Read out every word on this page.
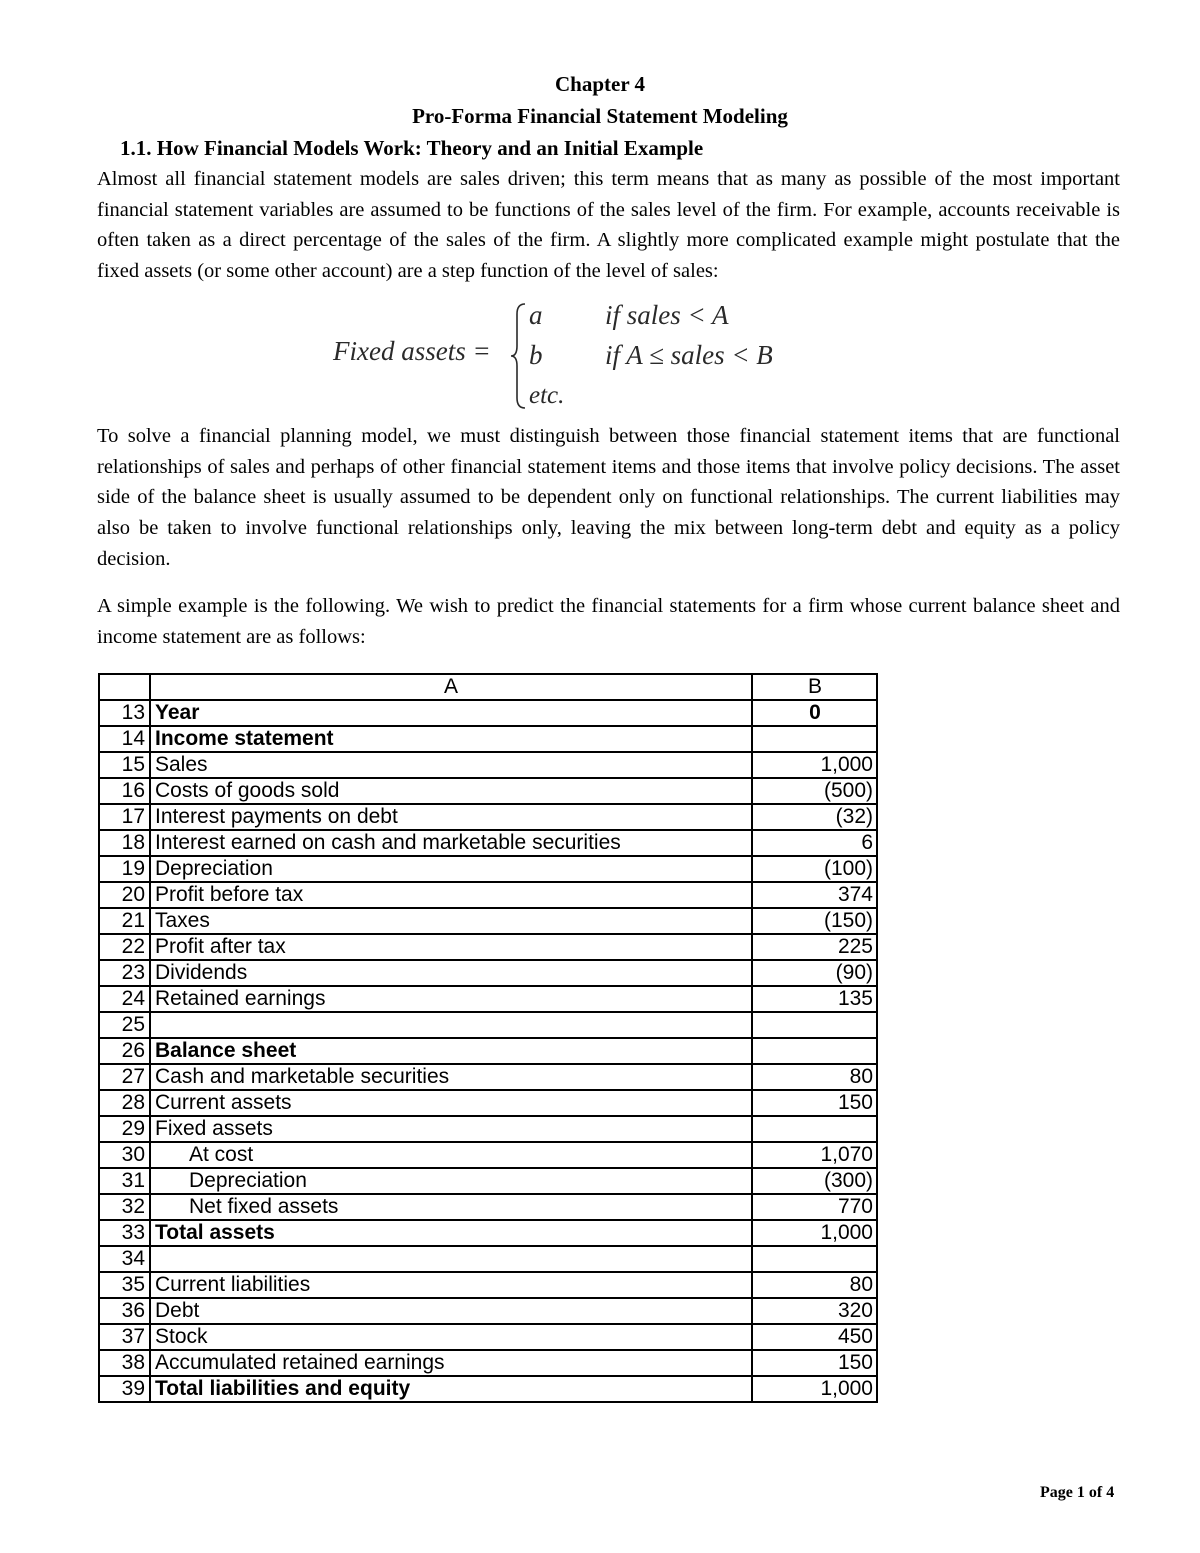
Chapter 4
Pro-Forma Financial Statement Modeling
1.1. How Financial Models Work: Theory and an Initial Example
Almost all financial statement models are sales driven; this term means that as many as possible of the most important financial statement variables are assumed to be functions of the sales level of the firm. For example, accounts receivable is often taken as a direct percentage of the sales of the firm. A slightly more complicated example might postulate that the fixed assets (or some other account) are a step function of the level of sales:
Fixed assets =
a if sales < A
b if A ≤ sales < B
etc.
To solve a financial planning model, we must distinguish between those financial statement items that are functional relationships of sales and perhaps of other financial statement items and those items that involve policy decisions. The asset side of the balance sheet is usually assumed to be dependent only on functional relationships. The current liabilities may also be taken to involve functional relationships only, leaving the mix between long-term debt and equity as a policy decision.
A simple example is the following. We wish to predict the financial statements for a firm whose current balance sheet and income statement are as follows:
	A	B
13	Year	0
14	Income statement	
15	Sales	1,000
16	Costs of goods sold	(500)
17	Interest payments on debt	(32)
18	Interest earned on cash and marketable securities	6
19	Depreciation	(100)
20	Profit before tax	374
21	Taxes	(150)
22	Profit after tax	225
23	Dividends	(90)
24	Retained earnings	135
25		
26	Balance sheet	
27	Cash and marketable securities	80
28	Current assets	150
29	Fixed assets	
30	At cost	1,070
31	Depreciation	(300)
32	Net fixed assets	770
33	Total assets	1,000
34		
35	Current liabilities	80
36	Debt	320
37	Stock	450
38	Accumulated retained earnings	150
39	Total liabilities and equity	1,000
Page 1 of 4
